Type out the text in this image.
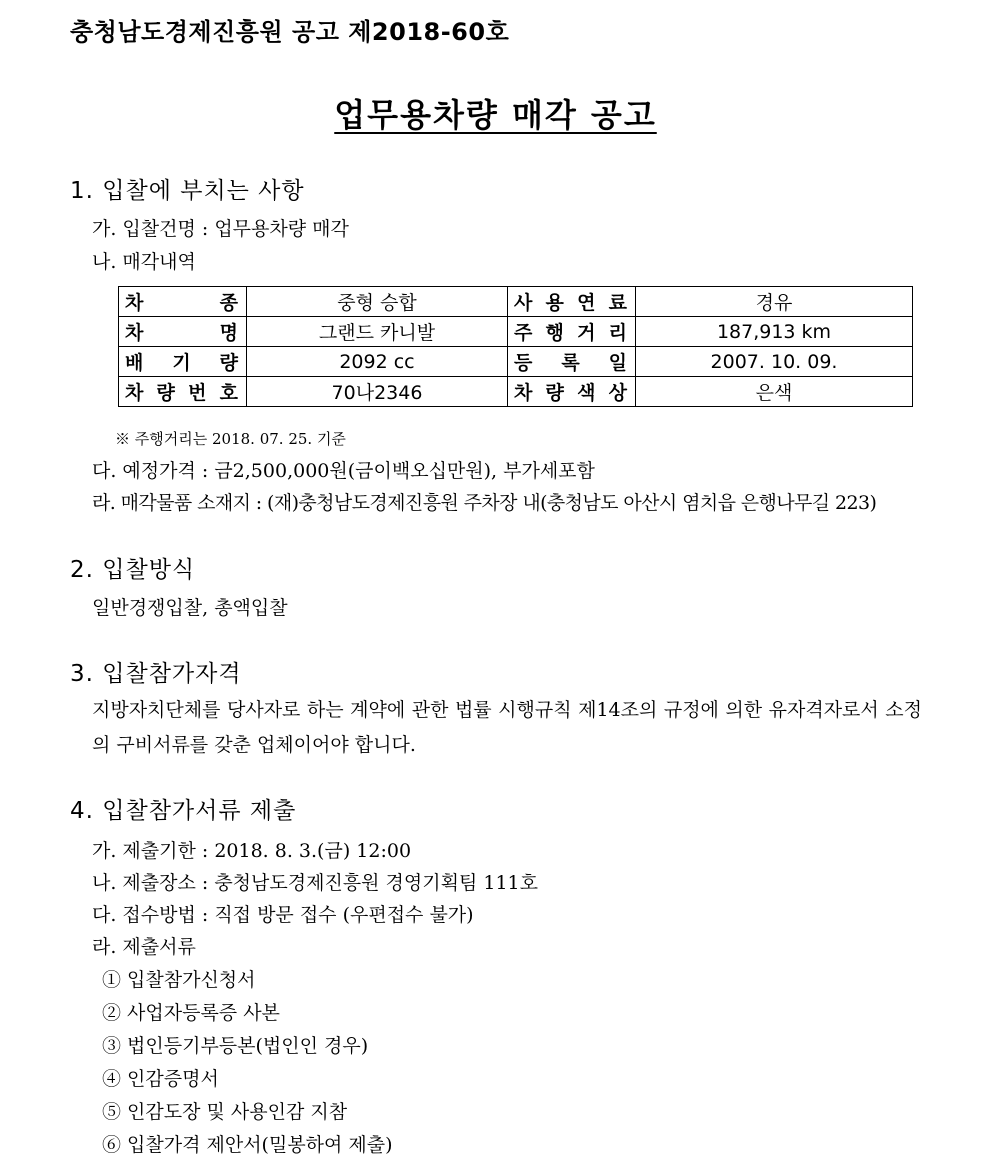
충청남도경제진흥원 공고 제2018-60호
업무용차량 매각 공고
1. 입찰에 부치는 사항
가. 입찰건명 : 업무용차량 매각
나. 매각내역
차 종	중형 승합	사 용 연 료	경유

차 명	그랜드 카니발	주 행 거 리	187,913 km

배 기 량	2092 cc	등 록 일	2007. 10. 09.

차 량 번 호	70나2346	차 량 색 상	은색
※ 주행거리는 2018. 07. 25. 기준
다. 예정가격 : 금2,500,000원(금이백오십만원), 부가세포함
라. 매각물품 소재지 : (재)충청남도경제진흥원 주차장 내(충청남도 아산시 염치읍 은행나무길 223)
2. 입찰방식
일반경쟁입찰, 총액입찰
3. 입찰참가자격
지방자치단체를 당사자로 하는 계약에 관한 법률 시행규칙 제14조의 규정에 의한 유자격자로서 소정의 구비서류를 갖춘 업체이어야 합니다.
4. 입찰참가서류 제출
가. 제출기한 : 2018. 8. 3.(금) 12:00
나. 제출장소 : 충청남도경제진흥원 경영기획팀 111호
다. 접수방법 : 직접 방문 접수 (우편접수 불가)
라. 제출서류
① 입찰참가신청서
② 사업자등록증 사본
③ 법인등기부등본(법인인 경우)
④ 인감증명서
⑤ 인감도장 및 사용인감 지참
⑥ 입찰가격 제안서(밀봉하여 제출)
